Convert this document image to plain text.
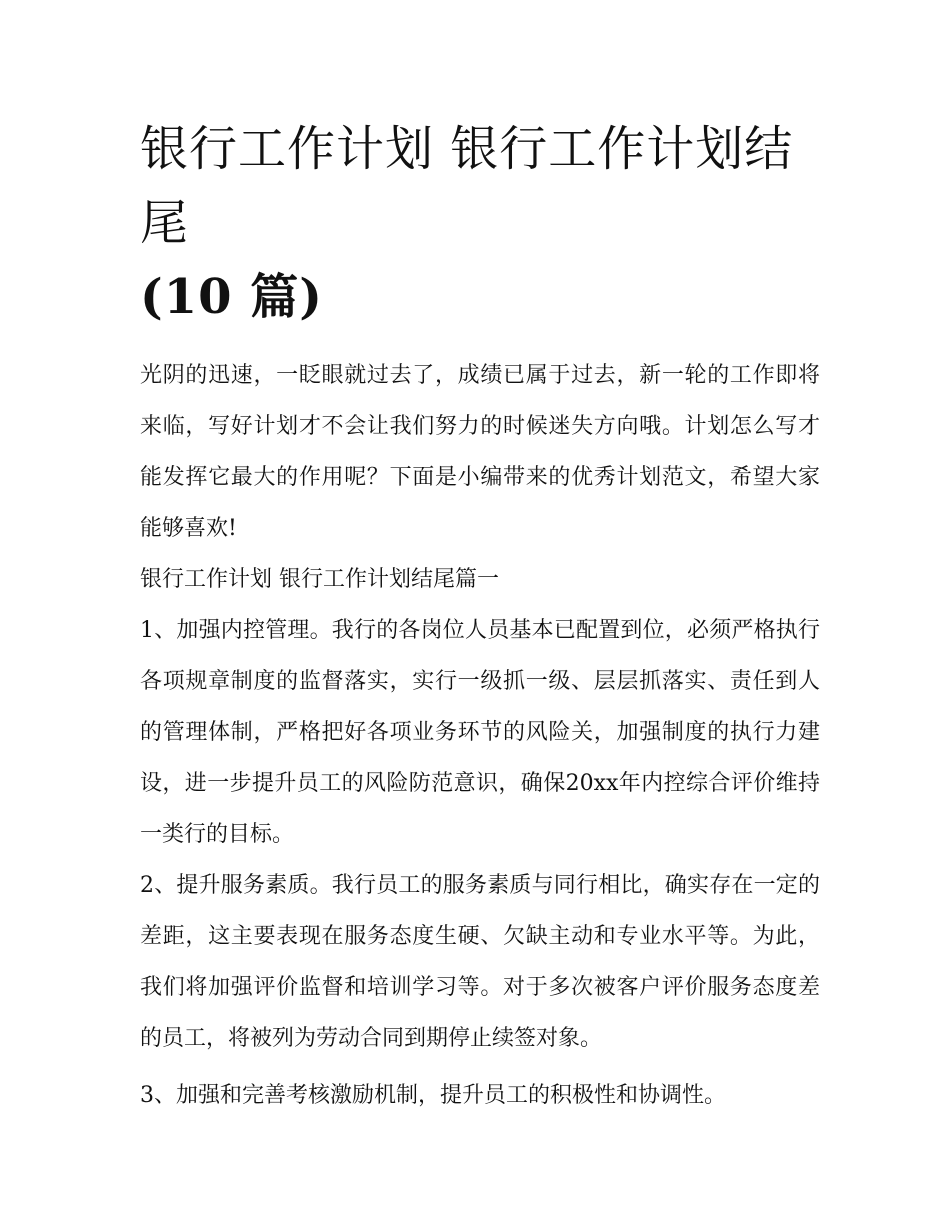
银行工作计划 银行工作计划结尾
(10 篇)

光阴的迅速，一眨眼就过去了，成绩已属于过去，新一轮的工作即将来临，写好计划才不会让我们努力的时候迷失方向哦。计划怎么写才能发挥它最大的作用呢？下面是小编带来的优秀计划范文，希望大家能够喜欢!

银行工作计划 银行工作计划结尾篇一

1、加强内控管理。我行的各岗位人员基本已配置到位，必须严格执行各项规章制度的监督落实，实行一级抓一级、层层抓落实、责任到人的管理体制，严格把好各项业务环节的风险关，加强制度的执行力建设，进一步提升员工的风险防范意识，确保20xx年内控综合评价维持一类行的目标。

2、提升服务素质。我行员工的服务素质与同行相比，确实存在一定的差距，这主要表现在服务态度生硬、欠缺主动和专业水平等。为此，我们将加强评价监督和培训学习等。对于多次被客户评价服务态度差的员工，将被列为劳动合同到期停止续签对象。

3、加强和完善考核激励机制，提升员工的积极性和协调性。
